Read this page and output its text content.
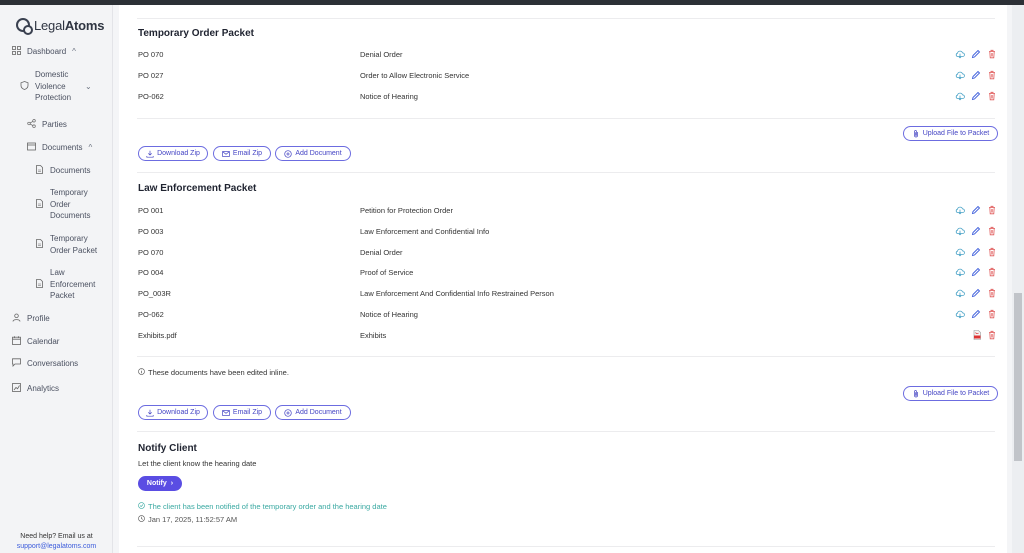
LegalAtoms
Dashboard ^
Domestic Violence Protection
⌄
Parties
Documents ^
Documents
Temporary Order Documents
Temporary Order Packet
Law Enforcement Packet
Profile
Calendar
Conversations
Analytics
Need help? Email us at
support@legalatoms.com
Temporary Order Packet
PO 070	Denial Order
PO 027	Order to Allow Electronic Service
PO-062	Notice of Hearing
Upload File to Packet
Download Zip	Email Zip	Add Document
Law Enforcement Packet
PO 001	Petition for Protection Order
PO 003	Law Enforcement and Confidential Info
PO 070	Denial Order
PO 004	Proof of Service
PO_003R	Law Enforcement And Confidential Info Restrained Person
PO-062	Notice of Hearing
Exhibits.pdf	Exhibits
These documents have been edited inline.
Upload File to Packet
Download Zip	Email Zip	Add Document
Notify Client
Let the client know the hearing date
Notify ›
The client has been notified of the temporary order and the hearing date
Jan 17, 2025, 11:52:57 AM
